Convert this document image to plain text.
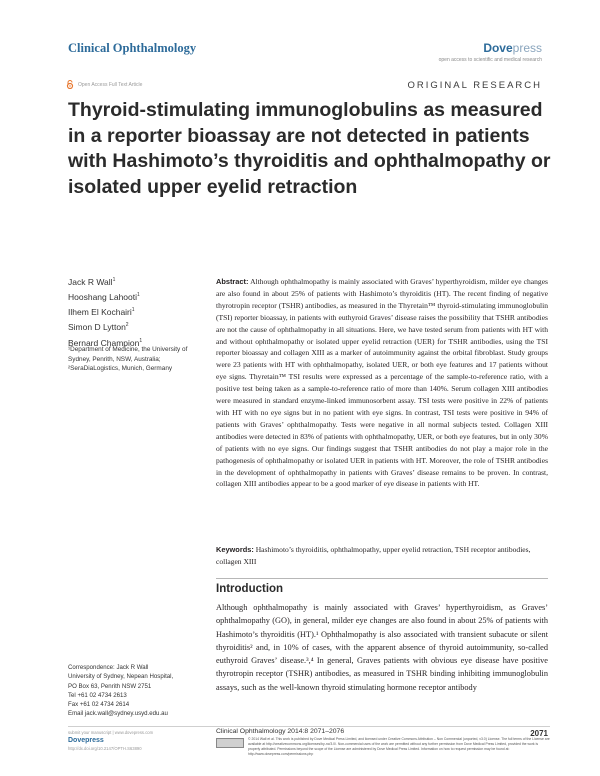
Clinical Ophthalmology	Dovepress
open access to scientific and medical research
Open Access Full Text Article	ORIGINAL RESEARCH
Thyroid-stimulating immunoglobulins as measured in a reporter bioassay are not detected in patients with Hashimoto’s thyroiditis and ophthalmopathy or isolated upper eyelid retraction
Jack R Wall$^1$
Hooshang Lahooti$^1$
Ilhem El Kochairi$^1$
Simon D Lytton$^2$
Bernard Champion$^1$
¹Department of Medicine, the University of Sydney, Penrith, NSW, Australia; ²SeraDiaLogistics, Munich, Germany
Abstract: Although ophthalmopathy is mainly associated with Graves’ hyperthyroidism, milder eye changes are also found in about 25% of patients with Hashimoto’s thyroiditis (HT). The recent finding of negative thyrotropin receptor (TSHR) antibodies, as measured in the Thyretain™ thyroid-stimulating immunoglobulin (TSI) reporter bioassay, in patients with euthyroid Graves’ disease raises the possibility that TSHR antibodies are not the cause of ophthalmopathy in all situations. Here, we have tested serum from patients with HT with and without ophthalmopathy or isolated upper eyelid retraction (UER) for TSHR antibodies, using the TSI reporter bioassay and collagen XIII as a marker of autoimmunity against the orbital fibroblast. Study groups were 23 patients with HT with ophthalmopathy, isolated UER, or both eye features and 17 patients without eye signs. Thyretain™ TSI results were expressed as a percentage of the sample-to-reference ratio, with a positive test being taken as a sample-to-reference ratio of more than 140%. Serum collagen XIII antibodies were measured in standard enzyme-linked immunosorbent assay. TSI tests were positive in 22% of patients with HT with no eye signs but in no patient with eye signs. In contrast, TSI tests were positive in 94% of patients with Graves’ ophthalmopathy. Tests were negative in all normal subjects tested. Collagen XIII antibodies were detected in 83% of patients with ophthalmopathy, UER, or both eye features, but in only 30% of patients with no eye signs. Our findings suggest that TSHR antibodies do not play a major role in the pathogenesis of ophthalmopathy or isolated UER in patients with HT. Moreover, the role of TSHR antibodies in the development of ophthalmopathy in patients with Graves’ disease remains to be proven. In contrast, collagen XIII antibodies appear to be a good marker of eye disease in patients with HT.
Keywords: Hashimoto’s thyroiditis, ophthalmopathy, upper eyelid retraction, TSH receptor antibodies, collagen XIII
Introduction
Although ophthalmopathy is mainly associated with Graves’ hyperthyroidism, as Graves’ ophthalmopathy (GO), in general, milder eye changes are also found in about 25% of patients with Hashimoto’s thyroiditis (HT).¹ Ophthalmopathy is also associated with transient subacute or silent thyroiditis² and, in 10% of cases, with the apparent absence of thyroid autoimmunity, so-called euthyroid Graves’ disease.³,⁴ In general, Graves patients with obvious eye disease have positive thyrotropin receptor (TSHR) antibodies, as measured in TSHR binding inhibiting immunoglobulin assays, such as the well-known thyroid stimulating hormone receptor antibody
Correspondence: Jack R Wall
University of Sydney, Nepean Hospital,
PO Box 63, Penrith NSW 2751
Tel +61 02 4734 2613
Fax +61 02 4734 2614
Email jack.wall@sydney.usyd.edu.au
submit your manuscript | www.dovepress.com
Dovepress
http://dx.doi.org/10.2147/OPTH.S63890
Clinical Ophthalmology 2014:8 2071–2076	2071
© 2014 Wall et al. This work is published by Dove Medical Press Limited, and licensed under Creative Commons Attribution – Non Commercial (unported, v3.0) License. The full terms of the License are available at http://creativecommons.org/licenses/by-nc/3.0/. Non-commercial uses of the work are permitted without any further permission from Dove Medical Press Limited, provided the work is properly attributed. Permissions beyond the scope of the License are administered by Dove Medical Press Limited. Information on how to request permission may be found at: http://www.dovepress.com/permissions.php
